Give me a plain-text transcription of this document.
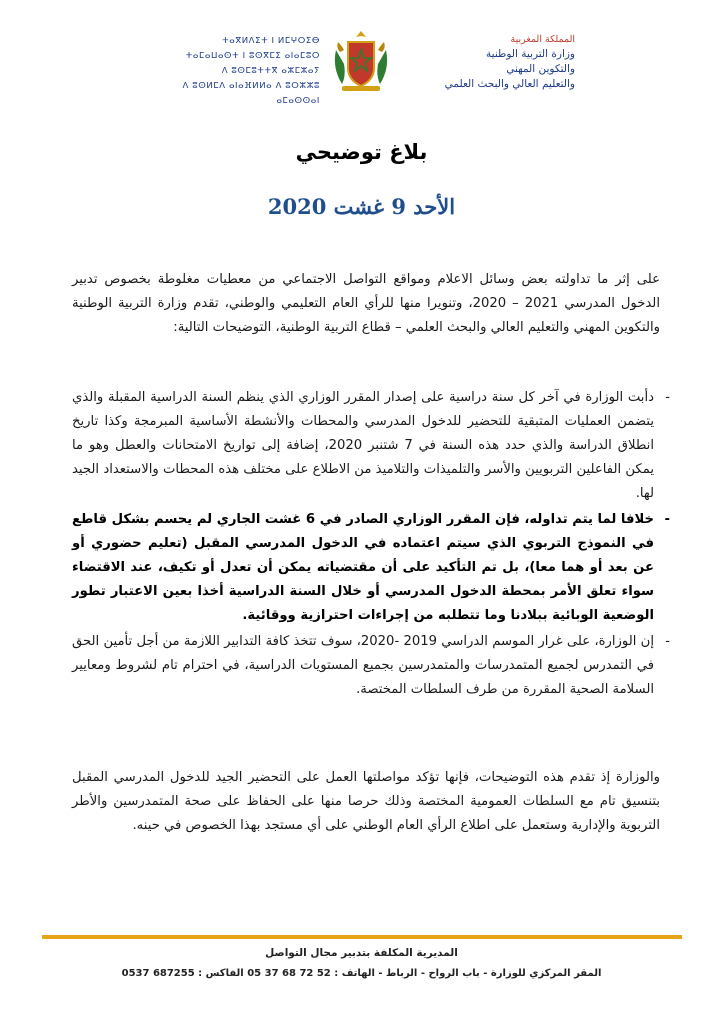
ⵜⴰⴳⵍⴷⵉⵜ ⵏ ⵍⵎⵖⵔⵉⴱ
ⵜⴰⵎⴰⵡⴰⵙⵜ ⵏ ⵓⵙⴳⵎⵉ ⴰⵏⴰⵎⵓⵔ
ⴷ ⵓⵙⵎⵓⵜⵜⴳ ⴰⵣⵎⵣⴰⵢ
ⴷ ⵓⵙⵍⵎⴷ ⴰⵏⴰⴼⵍⵍⴰ ⴷ ⵓⵔⵣⵣⵓ ⴰⵎⴰⵙⵙⴰⵏ
المملكة المغربية
وزارة التربية الوطنية
والتكوين المهني
والتعليم العالي والبحث العلمي
بلاغ توضيحي
الأحد 9 غشت 2020
على إثر ما تداولته بعض وسائل الاعلام ومواقع التواصل الاجتماعي من معطيات مغلوطة بخصوص تدبير الدخول المدرسي 2021 – 2020، وتنويرا منها للرأي العام التعليمي والوطني، تقدم وزارة التربية الوطنية والتكوين المهني والتعليم العالي والبحث العلمي – قطاع التربية الوطنية، التوضيحات التالية:
-
دأبت الوزارة في آخر كل سنة دراسية على إصدار المقرر الوزاري الذي ينظم السنة الدراسية المقبلة والذي يتضمن العمليات المتبقية للتحضير للدخول المدرسي والمحطات والأنشطة الأساسية المبرمجة وكذا تاريخ انطلاق الدراسة والذي حدد هذه السنة في 7 شتنبر 2020، إضافة إلى تواريخ الامتحانات والعطل وهو ما يمكن الفاعلين التربويين والأسر والتلميذات والتلاميذ من الاطلاع على مختلف هذه المحطات والاستعداد الجيد لها.
-
خلافا لما يتم تداوله، فإن المقرر الوزاري الصادر في 6 غشت الجاري لم يحسم بشكل قاطع في النموذج التربوي الذي سيتم اعتماده في الدخول المدرسي المقبل (تعليم حضوري أو عن بعد أو هما معا)، بل تم التأكيد على أن مقتضياته يمكن أن تعدل أو تكيف، عند الاقتضاء سواء تعلق الأمر بمحطة الدخول المدرسي أو خلال السنة الدراسية أخذا بعين الاعتبار تطور الوضعية الوبائية ببلادنا وما تتطلبه من إجراءات احترازية ووقائية.
-
إن الوزارة، على غرار الموسم الدراسي 2019 -2020، سوف تتخذ كافة التدابير اللازمة من أجل تأمين الحق في التمدرس لجميع المتمدرسات والمتمدرسين بجميع المستويات الدراسية، في احترام تام لشروط ومعايير السلامة الصحية المقررة من طرف السلطات المختصة.
والوزارة إذ تقدم هذه التوضيحات، فإنها تؤكد مواصلتها العمل على التحضير الجيد للدخول المدرسي المقبل بتنسيق تام مع السلطات العمومية المختصة وذلك حرصا منها على الحفاظ على صحة المتمدرسين والأطر التربوية والإدارية وستعمل على اطلاع الرأي العام الوطني على أي مستجد بهذا الخصوص في حينه.
المديرية المكلفة بتدبير مجال التواصل
المقر المركزي للوزارة - باب الرواح - الرباط - الهاتف : 52 72 68 37 05 الفاكس : 687255 0537
